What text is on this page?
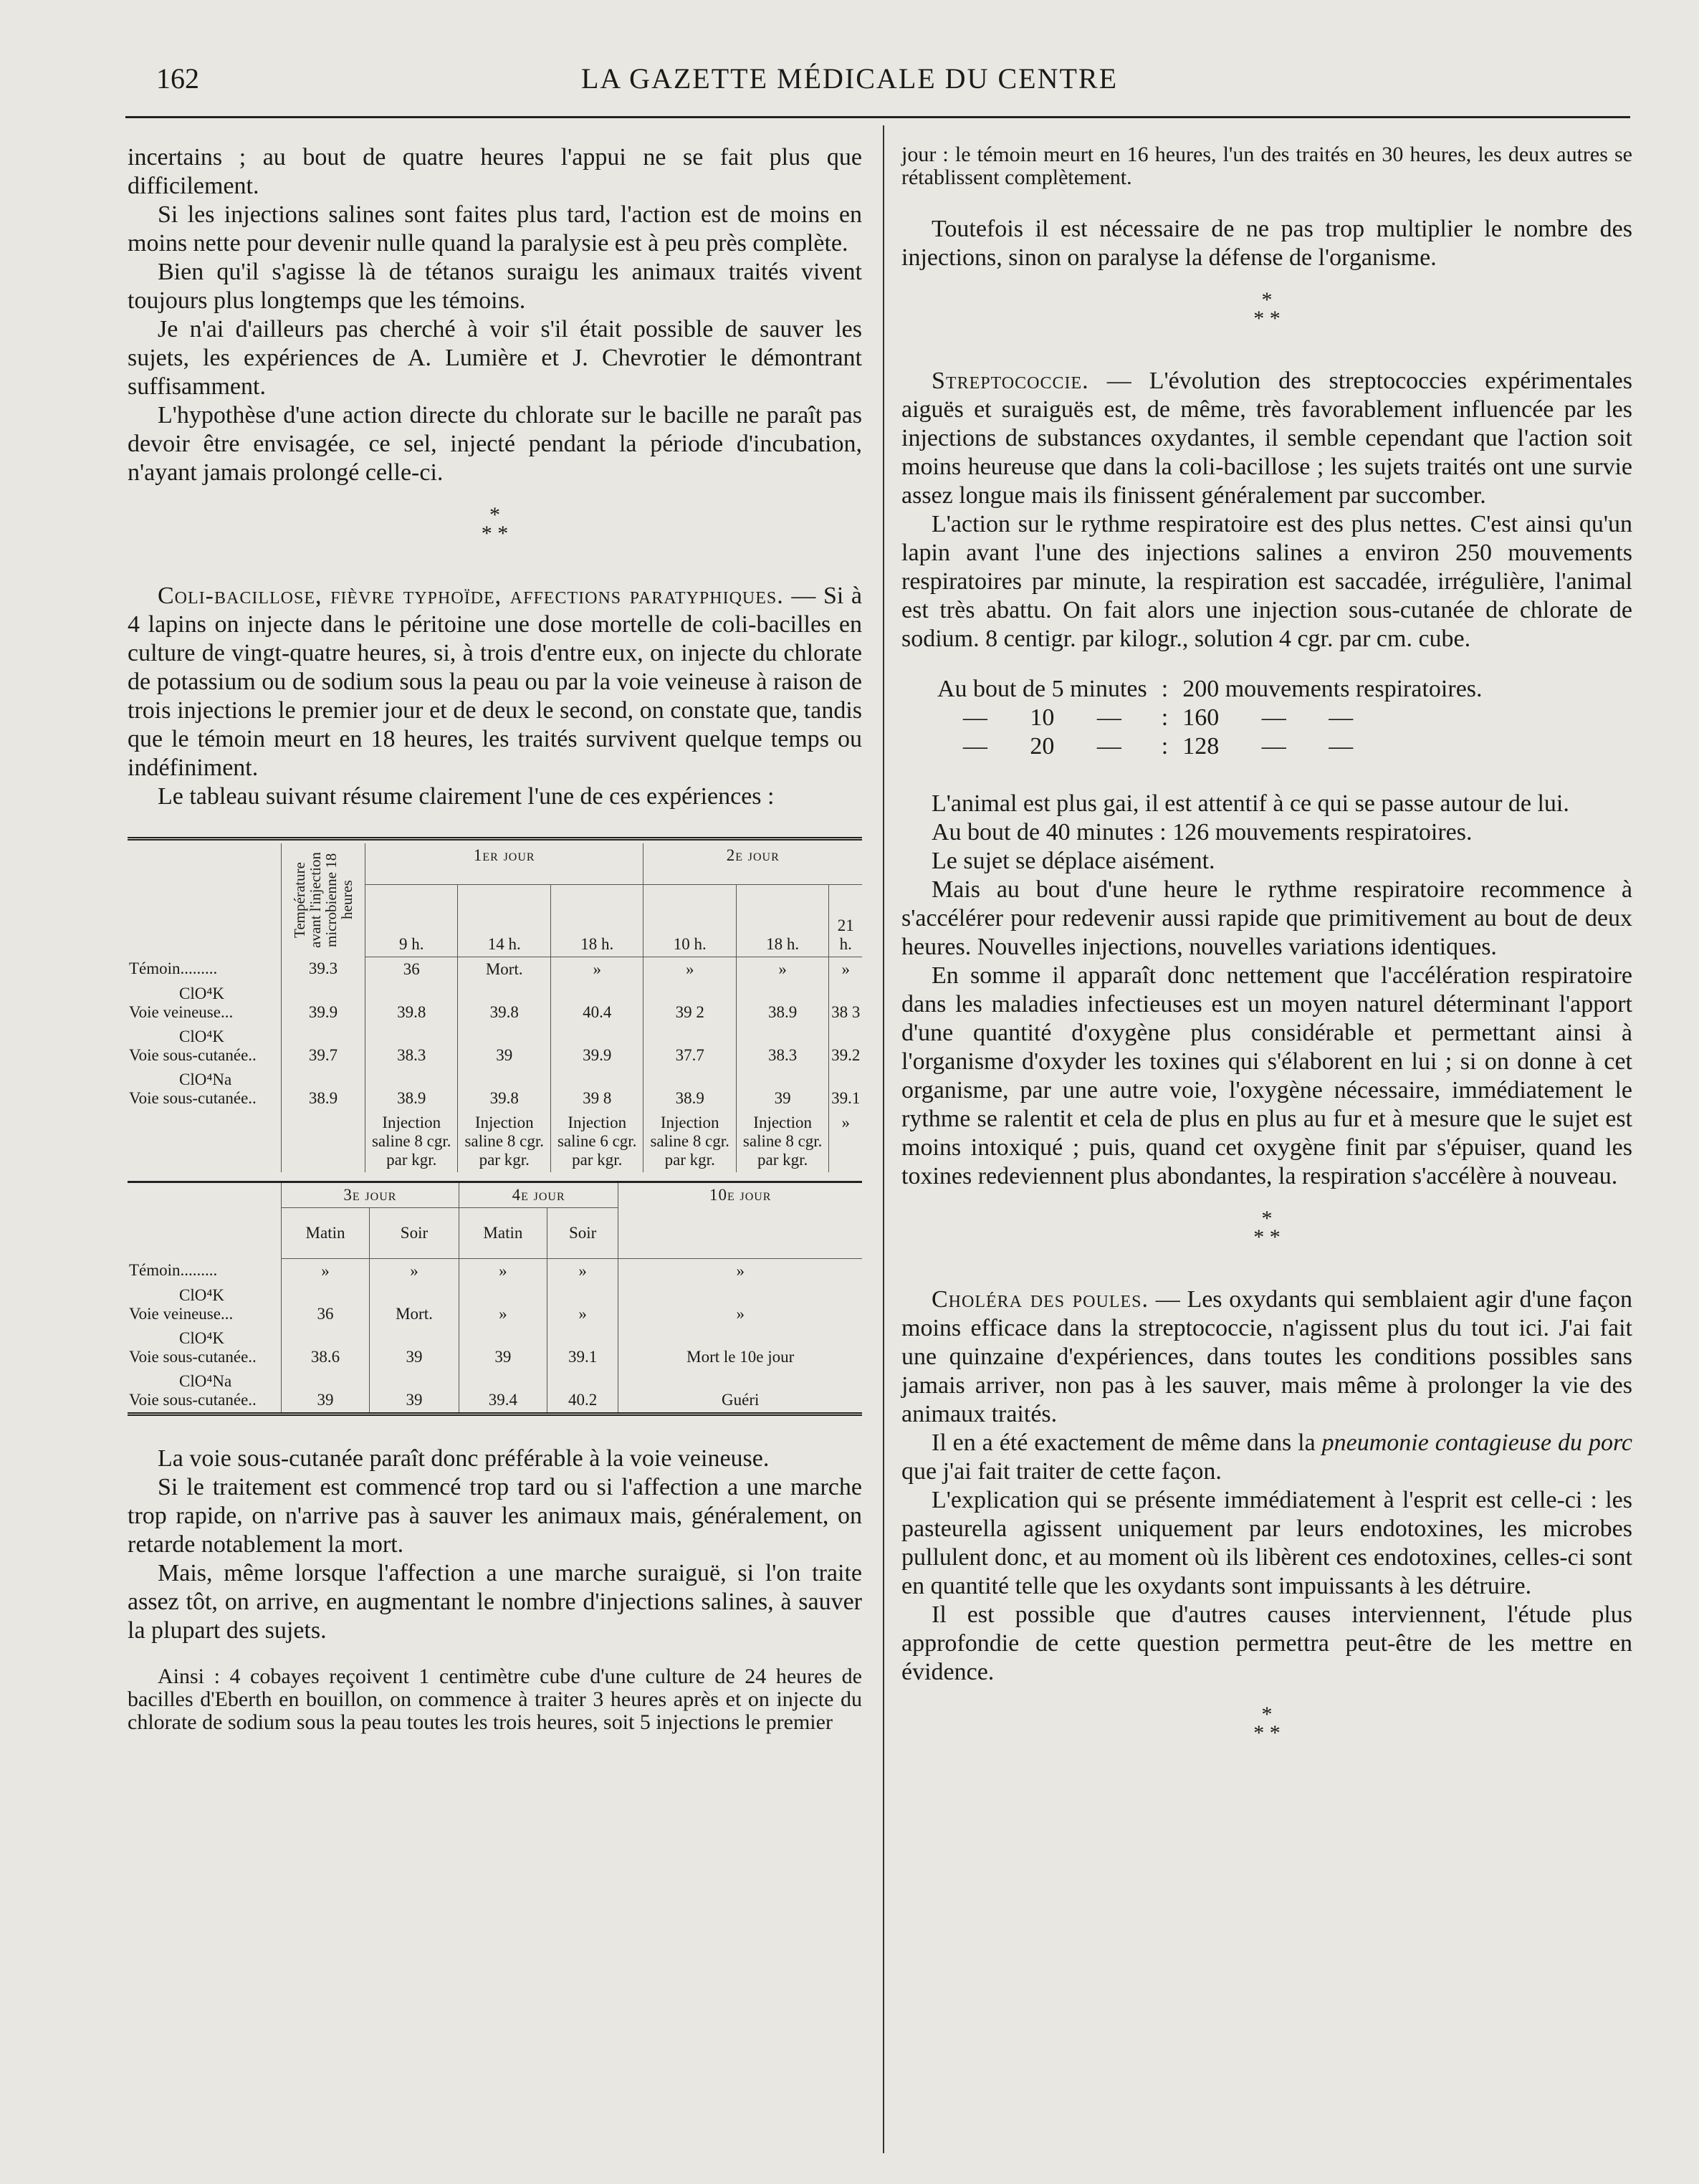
162	LA GAZETTE MÉDICALE DU CENTRE

incertains ; au bout de quatre heures l'appui ne se fait plus que difficilement.

Si les injections salines sont faites plus tard, l'action est de moins en moins nette pour devenir nulle quand la paralysie est à peu près complète.

Bien qu'il s'agisse là de tétanos suraigu les animaux traités vivent toujours plus longtemps que les témoins.

Je n'ai d'ailleurs pas cherché à voir s'il était possible de sauver les sujets, les expériences de A. Lumière et J. Chevrotier le démontrant suffisamment.

L'hypothèse d'une action directe du chlorate sur le bacille ne paraît pas devoir être envisagée, ce sel, injecté pendant la période d'incubation, n'ayant jamais prolongé celle-ci.

*
* *

Coli-bacillose, fièvre typhoïde, affections paratyphiques. — Si à 4 lapins on injecte dans le péritoine une dose mortelle de coli-bacilles en culture de vingt-quatre heures, si, à trois d'entre eux, on injecte du chlorate de potassium ou de sodium sous la peau ou par la voie veineuse à raison de trois injections le premier jour et de deux le second, on constate que, tandis que le témoin meurt en 18 heures, les traités survivent quelque temps ou indéfiniment.

Le tableau suivant résume clairement l'une de ces expériences :

	Température avant l'injection microbienne 18 heures	1er jour			2e jour		
		9 h.	14 h.	18 h.	10 h.	18 h.	21 h.
Témoin.........	39.3	36	Mort.	»	»	»	»

ClO⁴K
Voie veineuse...	39.9	39.8	39.8	40.4	39 2	38.9	38 3

ClO⁴K
Voie sous-cutanée..	39.7	38.3	39	39.9	37.7	38.3	39.2

ClO⁴Na
Voie sous-cutanée..	38.9	38.9	39.8	39 8	38.9	39	39.1
		Injection saline 8 cgr. par kgr.	Injection saline 8 cgr. par kgr.	Injection saline 6 cgr. par kgr.	Injection saline 8 cgr. par kgr.	Injection saline 8 cgr. par kgr.	»
	3e jour		4e jour		10e jour
	Matin	Soir	Matin	Soir	
Témoin.........	»	»	»	»	»

ClO⁴K
Voie veineuse...	36	Mort.	»	»	»

ClO⁴K
Voie sous-cutanée..	38.6	39	39	39.1	Mort le 10e jour

ClO⁴Na
Voie sous-cutanée..	39	39	39.4	40.2	Guéri

La voie sous-cutanée paraît donc préférable à la voie veineuse.

Si le traitement est commencé trop tard ou si l'affection a une marche trop rapide, on n'arrive pas à sauver les animaux mais, généralement, on retarde notablement la mort.

Mais, même lorsque l'affection a une marche suraiguë, si l'on traite assez tôt, on arrive, en augmentant le nombre d'injections salines, à sauver la plupart des sujets.

Ainsi : 4 cobayes reçoivent 1 centimètre cube d'une culture de 24 heures de bacilles d'Eberth en bouillon, on commence à traiter 3 heures après et on injecte du chlorate de sodium sous la peau toutes les trois heures, soit 5 injections le premier

jour : le témoin meurt en 16 heures, l'un des traités en 30 heures, les deux autres se rétablissent complètement.

Toutefois il est nécessaire de ne pas trop multiplier le nombre des injections, sinon on paralyse la défense de l'organisme.

*
* *

Streptococcie. — L'évolution des streptococcies expérimentales aiguës et suraiguës est, de même, très favorablement influencée par les injections de substances oxydantes, il semble cependant que l'action soit moins heureuse que dans la coli-bacillose ; les sujets traités ont une survie assez longue mais ils finissent généralement par succomber.

L'action sur le rythme respiratoire est des plus nettes. C'est ainsi qu'un lapin avant l'une des injections salines a environ 250 mouvements respiratoires par minute, la respiration est saccadée, irrégulière, l'animal est très abattu. On fait alors une injection sous-cutanée de chlorate de sodium. 8 centigr. par kilogr., solution 4 cgr. par cm. cube.

Au bout de 5 minutes	:	200 mouvements respiratoires.
—       10       —	:	160       —       —
—       20       —	:	128       —       —

L'animal est plus gai, il est attentif à ce qui se passe autour de lui.

Au bout de 40 minutes : 126 mouvements respiratoires.

Le sujet se déplace aisément.

Mais au bout d'une heure le rythme respiratoire recommence à s'accélérer pour redevenir aussi rapide que primitivement au bout de deux heures. Nouvelles injections, nouvelles variations identiques.

En somme il apparaît donc nettement que l'accélération respiratoire dans les maladies infectieuses est un moyen naturel déterminant l'apport d'une quantité d'oxygène plus considérable et permettant ainsi à l'organisme d'oxyder les toxines qui s'élaborent en lui ; si on donne à cet organisme, par une autre voie, l'oxygène nécessaire, immédiatement le rythme se ralentit et cela de plus en plus au fur et à mesure que le sujet est moins intoxiqué ; puis, quand cet oxygène finit par s'épuiser, quand les toxines redeviennent plus abondantes, la respiration s'accélère à nouveau.

*
* *

Choléra des poules. — Les oxydants qui semblaient agir d'une façon moins efficace dans la streptococcie, n'agissent plus du tout ici. J'ai fait une quinzaine d'expériences, dans toutes les conditions possibles sans jamais arriver, non pas à les sauver, mais même à prolonger la vie des animaux traités.

Il en a été exactement de même dans la pneumonie contagieuse du porc que j'ai fait traiter de cette façon.

L'explication qui se présente immédiatement à l'esprit est celle-ci : les pasteurella agissent uniquement par leurs endotoxines, les microbes pullulent donc, et au moment où ils libèrent ces endotoxines, celles-ci sont en quantité telle que les oxydants sont impuissants à les détruire.

Il est possible que d'autres causes interviennent, l'étude plus approfondie de cette question permettra peut-être de les mettre en évidence.

*
* *
